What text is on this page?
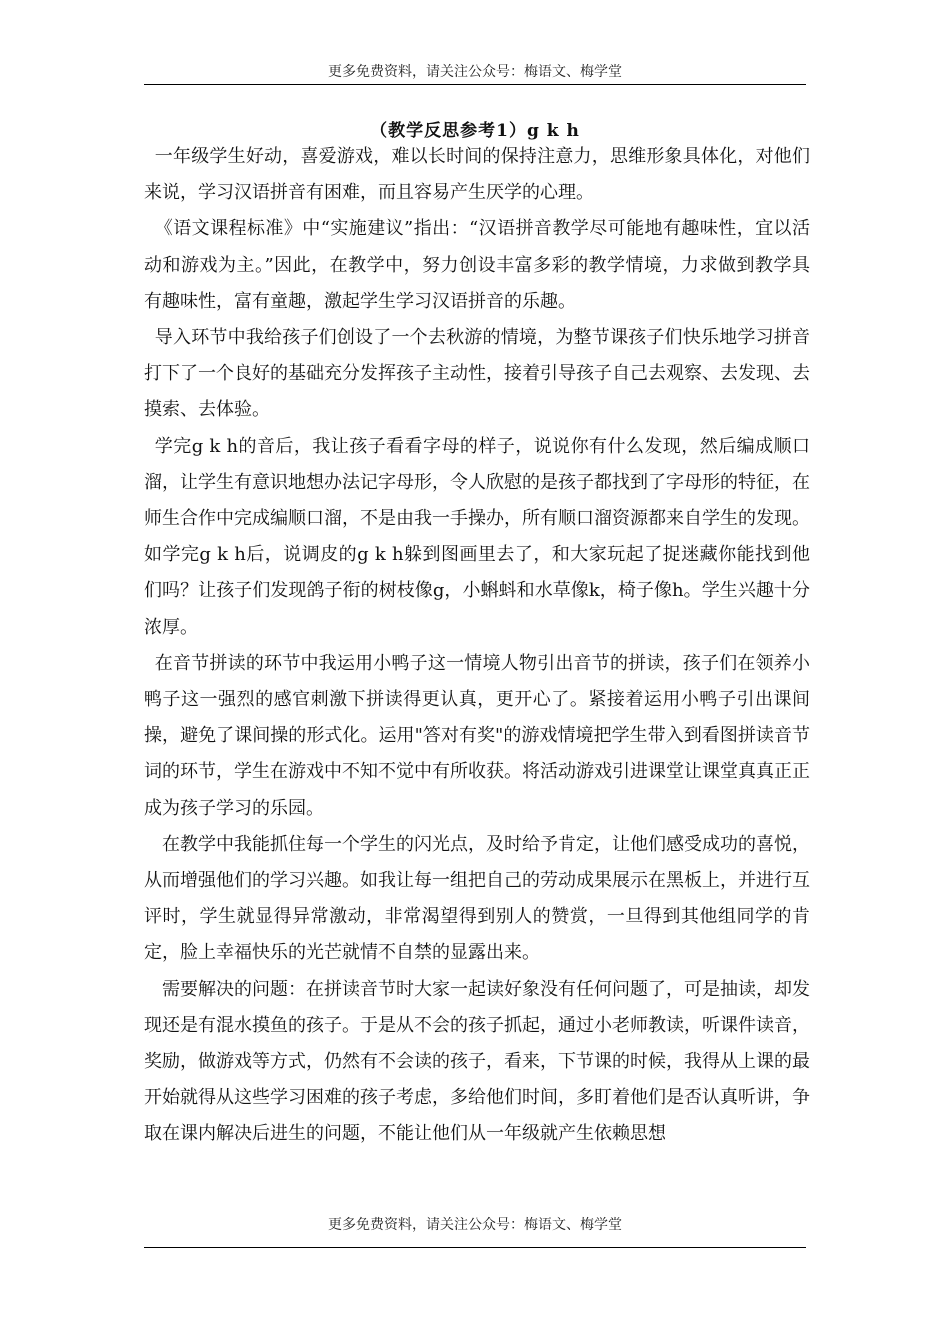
更多免费资料，请关注公众号：梅语文、梅学堂
（教学反思参考1）g k h

一年级学生好动，喜爱游戏，难以长时间的保持注意力，思维形象具体化，对他们来说，学习汉语拼音有困难，而且容易产生厌学的心理。

《语文课程标准》中“实施建议”指出：“汉语拼音教学尽可能地有趣味性，宜以活动和游戏为主。”因此，在教学中，努力创设丰富多彩的教学情境，力求做到教学具有趣味性，富有童趣，激起学生学习汉语拼音的乐趣。

导入环节中我给孩子们创设了一个去秋游的情境，为整节课孩子们快乐地学习拼音打下了一个良好的基础充分发挥孩子主动性，接着引导孩子自己去观察、去发现、去摸索、去体验。

学完g k h的音后，我让孩子看看字母的样子，说说你有什么发现，然后编成顺口溜，让学生有意识地想办法记字母形，令人欣慰的是孩子都找到了字母形的特征，在师生合作中完成编顺口溜，不是由我一手操办，所有顺口溜资源都来自学生的发现。如学完g k h后，说调皮的g k h躲到图画里去了，和大家玩起了捉迷藏你能找到他们吗？让孩子们发现鸽子衔的树枝像g，小蝌蚪和水草像k，椅子像h。学生兴趣十分浓厚。

在音节拼读的环节中我运用小鸭子这一情境人物引出音节的拼读，孩子们在领养小鸭子这一强烈的感官刺激下拼读得更认真，更开心了。紧接着运用小鸭子引出课间操，避免了课间操的形式化。运用"答对有奖"的游戏情境把学生带入到看图拼读音节词的环节，学生在游戏中不知不觉中有所收获。将活动游戏引进课堂让课堂真真正正成为孩子学习的乐园。

在教学中我能抓住每一个学生的闪光点，及时给予肯定，让他们感受成功的喜悦，从而增强他们的学习兴趣。如我让每一组把自己的劳动成果展示在黑板上，并进行互评时，学生就显得异常激动，非常渴望得到别人的赞赏，一旦得到其他组同学的肯定，脸上幸福快乐的光芒就情不自禁的显露出来。

需要解决的问题：在拼读音节时大家一起读好象没有任何问题了，可是抽读，却发现还是有混水摸鱼的孩子。于是从不会的孩子抓起，通过小老师教读，听课件读音，奖励，做游戏等方式，仍然有不会读的孩子，看来，下节课的时候，我得从上课的最开始就得从这些学习困难的孩子考虑，多给他们时间，多盯着他们是否认真听讲，争取在课内解决后进生的问题，不能让他们从一年级就产生依赖思想

更多免费资料，请关注公众号：梅语文、梅学堂
